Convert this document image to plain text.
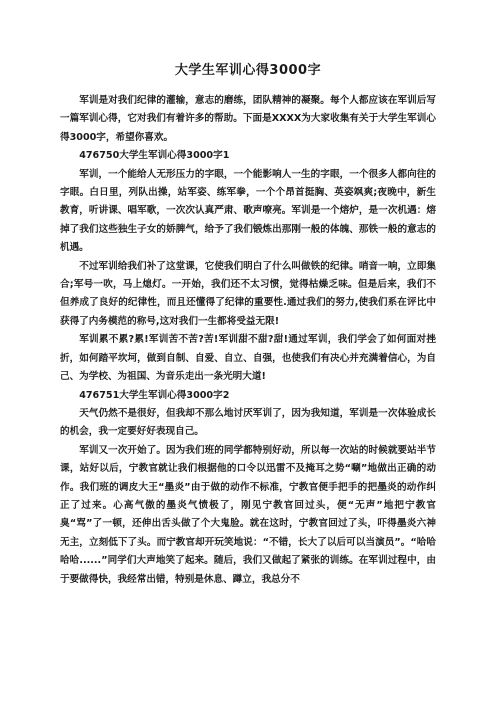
大学生军训心得3000字

军训是对我们纪律的灌输，意志的磨练，团队精神的凝聚。每个人都应该在军训后写一篇军训心得，它对我们有着许多的帮助。下面是XXXX为大家收集有关于大学生军训心得3000字，希望你喜欢。

476750大学生军训心得3000字1

军训，一个能给人无形压力的字眼，一个能影响人一生的字眼，一个很多人都向往的字眼。白日里，列队出操，站军姿、练军拳，一个个昂首挺胸、英姿飒爽;夜晚中，新生教育，听讲课、唱军歌，一次次认真严肃、歌声嘹亮。军训是一个熔炉，是一次机遇：熔掉了我们这些独生子女的娇脾气，给予了我们锻炼出那刚一般的体魄、那铁一般的意志的机遇。

不过军训给我们补了这堂课，它使我们明白了什么叫做铁的纪律。哨音一响，立即集合;军号一吹，马上熄灯。一开始，我们还不太习惯，觉得枯燥乏味。但是后来，我们不但养成了良好的纪律性，而且还懂得了纪律的重要性.通过我们的努力,使我们系在评比中获得了内务模范的称号,这对我们一生都将受益无限!

军训累不累?累!军训苦不苦?苦!军训甜不甜?甜!通过军训，我们学会了如何面对挫折，如何踏平坎坷，做到自制、自爱、自立、自强，也使我们有决心并充满着信心，为自己、为学校、为祖国、为音乐走出一条光明大道!

476751大学生军训心得3000字2

天气仍然不是很好，但我却不那么地讨厌军训了，因为我知道，军训是一次体验成长的机会，我一定要好好表现自己。

军训又一次开始了。因为我们班的同学都特别好动，所以每一次站的时候就要站半节课，站好以后，宁教官就让我们根据他的口令以迅雷不及掩耳之势“唰”地做出正确的动作。我们班的调皮大王“墨炎”由于做的动作不标准，宁教官便手把手的把墨炎的动作纠正了过来。心高气傲的墨炎气愤极了，刚见宁教官回过头，便“无声”地把宁教官臭“骂”了一顿，还伸出舌头做了个大鬼脸。就在这时，宁教官回过了头，吓得墨炎六神无主，立刻低下了头。而宁教官却开玩笑地说：“不错，长大了以后可以当演员”。“哈哈哈哈......”同学们大声地笑了起来。随后，我们又做起了紧张的训练。在军训过程中，由于要做得快，我经常出错，特别是休息、蹲立，我总分不
